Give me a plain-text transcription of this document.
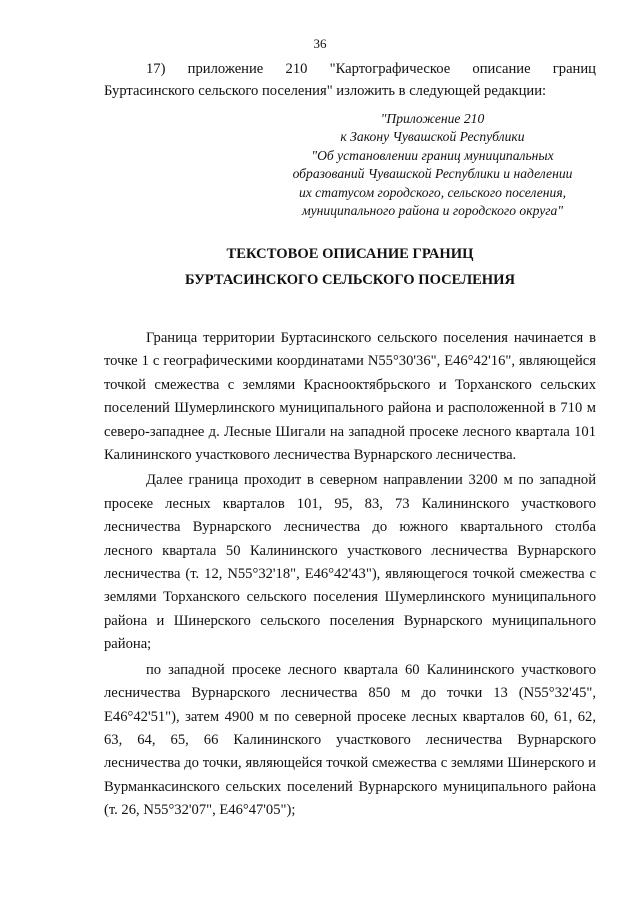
36

17) приложение 210 "Картографическое описание границ Буртасинского сельского поселения" изложить в следующей редакции:

"Приложение 210
к Закону Чувашской Республики
"Об установлении границ муниципальных
образований Чувашской Республики и наделении
их статусом городского, сельского поселения,
муниципального района и городского округа"
ТЕКСТОВОЕ ОПИСАНИЕ ГРАНИЦ
БУРТАСИНСКОГО СЕЛЬСКОГО ПОСЕЛЕНИЯ

Граница территории Буртасинского сельского поселения начинается в точке 1 с географическими координатами N55°30'36", E46°42'16", являющейся точкой смежества с землями Краснооктябрьского и Торханского сельских поселений Шумерлинского муниципального района и расположенной в 710 м северо-западнее д. Лесные Шигали на западной просеке лесного квартала 101 Калининского участкового лесничества Вурнарского лесничества.

Далее граница проходит в северном направлении 3200 м по западной просеке лесных кварталов 101, 95, 83, 73 Калининского участкового лесничества Вурнарского лесничества до южного квартального столба лесного квартала 50 Калининского участкового лесничества Вурнарского лесничества (т. 12, N55°32'18", E46°42'43"), являющегося точкой смежества с землями Торханского сельского поселения Шумерлинского муниципального района и Шинерского сельского поселения Вурнарского муниципального района;

по западной просеке лесного квартала 60 Калининского участкового лесничества Вурнарского лесничества 850 м до точки 13 (N55°32'45", E46°42'51"), затем 4900 м по северной просеке лесных кварталов 60, 61, 62, 63, 64, 65, 66 Калининского участкового лесничества Вурнарского лесничества до точки, являющейся точкой смежества с землями Шинерского и Вурманкасинского сельских поселений Вурнарского муниципального района (т. 26, N55°32'07", E46°47'05");
